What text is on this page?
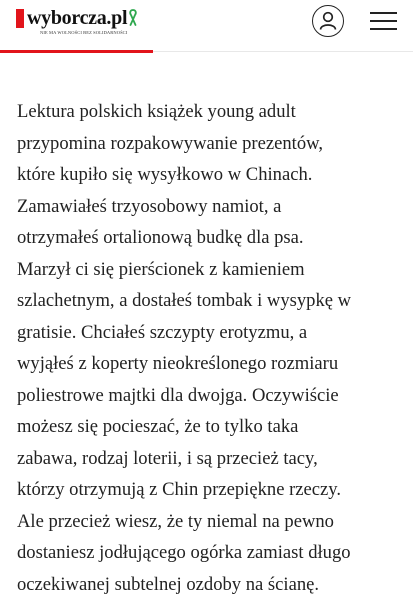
wyborcza.pl
NIE MA WOLNOŚCI BEZ SOLIDARNOŚCI
Lektura polskich książek young adult
przypomina rozpakowywanie prezentów,
które kupiło się wysyłkowo w Chinach.
Zamawiałeś trzyosobowy namiot, a
otrzymałeś ortalionową budkę dla psa.
Marzył ci się pierścionek z kamieniem
szlachetnym, a dostałeś tombak i wysypkę w
gratisie. Chciałeś szczypty erotyzmu, a
wyjąłeś z koperty nieokreślonego rozmiaru
poliestrowe majtki dla dwojga. Oczywiście
możesz się pocieszać, że to tylko taka
zabawa, rodzaj loterii, i są przecież tacy,
którzy otrzymują z Chin przepiękne rzeczy.
Ale przecież wiesz, że ty niemal na pewno
dostaniesz jodłującego ogórka zamiast długo
oczekiwanej subtelnej ozdoby na ścianę.
